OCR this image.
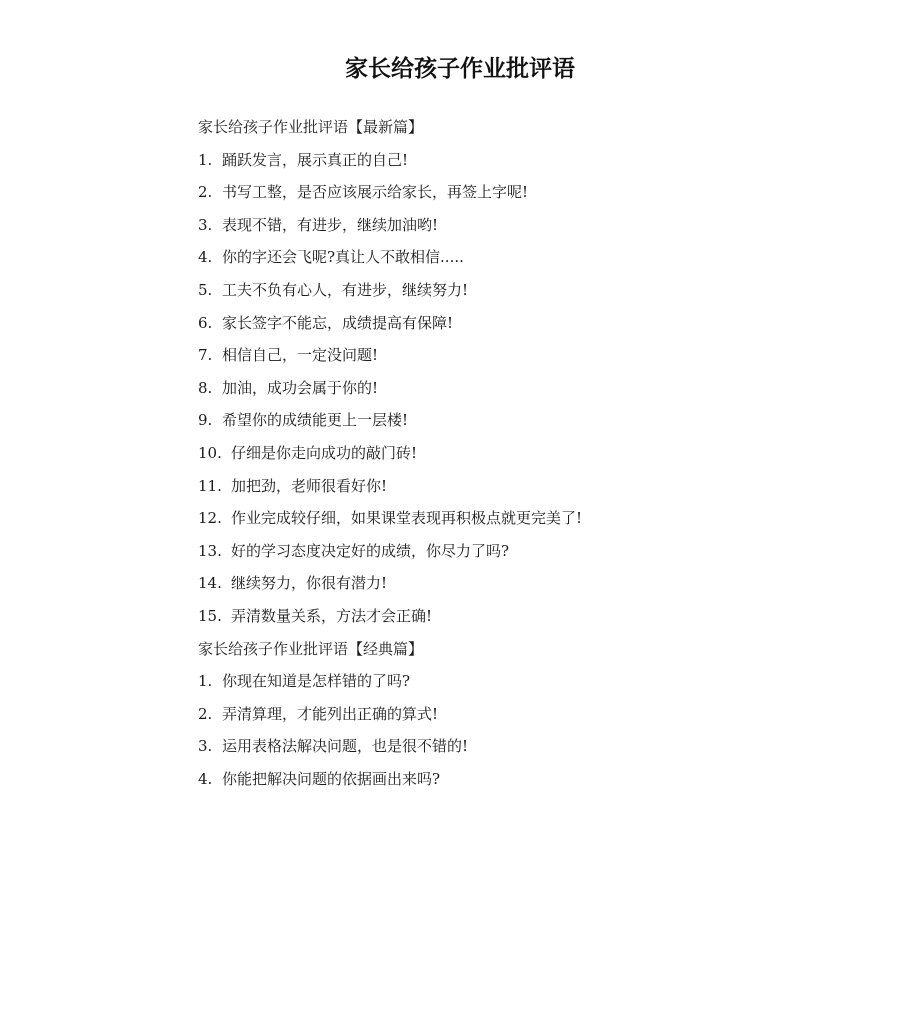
家长给孩子作业批评语
家长给孩子作业批评语【最新篇】
1. 踊跃发言，展示真正的自己!
2. 书写工整，是否应该展示给家长，再签上字呢!
3. 表现不错，有进步，继续加油哟!
4. 你的字还会飞呢?真让人不敢相信.....
5. 工夫不负有心人，有进步，继续努力!
6. 家长签字不能忘，成绩提高有保障!
7. 相信自己，一定没问题!
8. 加油，成功会属于你的!
9. 希望你的成绩能更上一层楼!
10. 仔细是你走向成功的敲门砖!
11. 加把劲，老师很看好你!
12. 作业完成较仔细，如果课堂表现再积极点就更完美了!
13. 好的学习态度决定好的成绩，你尽力了吗?
14. 继续努力，你很有潜力!
15. 弄清数量关系，方法才会正确!
家长给孩子作业批评语【经典篇】
1. 你现在知道是怎样错的了吗?
2. 弄清算理，才能列出正确的算式!
3. 运用表格法解决问题，也是很不错的!
4. 你能把解决问题的依据画出来吗?
